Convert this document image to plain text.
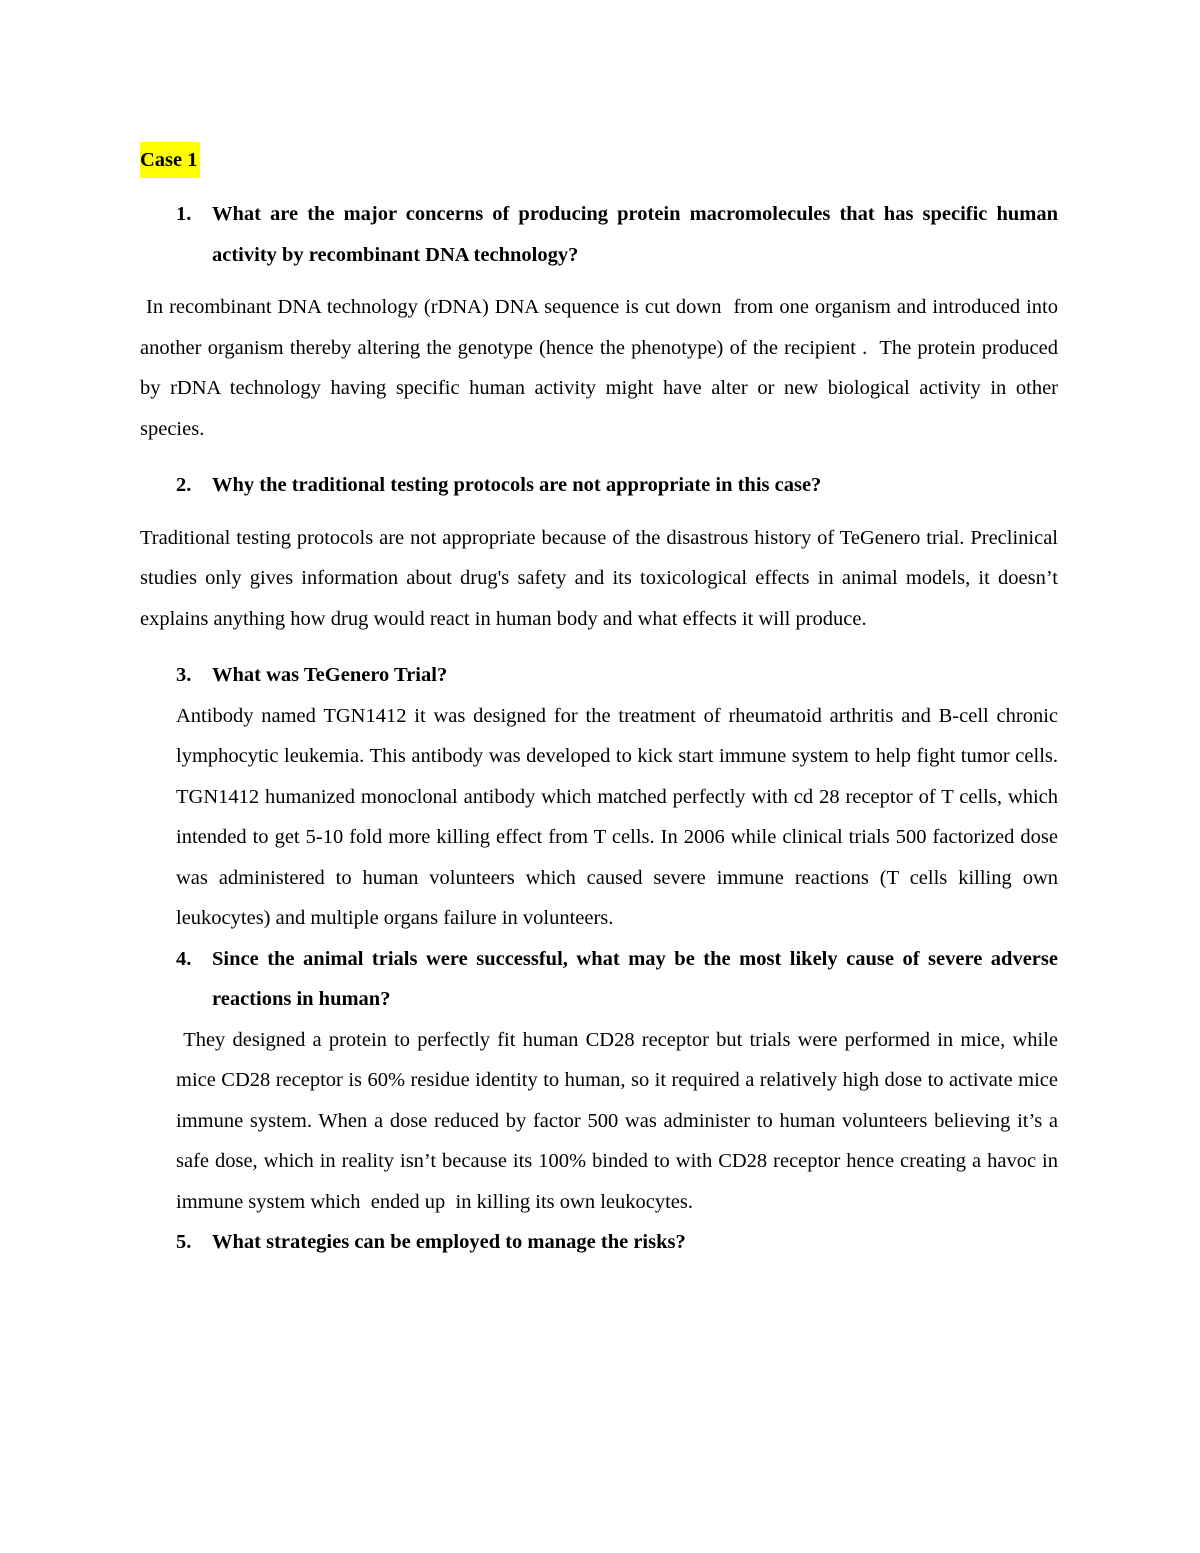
Case 1
1. What are the major concerns of producing protein macromolecules that has specific human activity by recombinant DNA technology?

In recombinant DNA technology (rDNA) DNA sequence is cut down  from one organism and introduced into another organism thereby altering the genotype (hence the phenotype) of the recipient .  The protein produced by rDNA technology having specific human activity might have alter or new biological activity in other species.

2. Why the traditional testing protocols are not appropriate in this case?

Traditional testing protocols are not appropriate because of the disastrous history of TeGenero trial. Preclinical studies only gives information about drug's safety and its toxicological effects in animal models, it doesn’t explains anything how drug would react in human body and what effects it will produce.

3. What was TeGenero Trial?

Antibody named TGN1412 it was designed for the treatment of rheumatoid arthritis and B-cell chronic lymphocytic leukemia. This antibody was developed to kick start immune system to help fight tumor cells. TGN1412 humanized monoclonal antibody which matched perfectly with cd 28 receptor of T cells, which intended to get 5-10 fold more killing effect from T cells. In 2006 while clinical trials 500 factorized dose was administered to human volunteers which caused severe immune reactions (T cells killing own leukocytes) and multiple organs failure in volunteers.

4. Since the animal trials were successful, what may be the most likely cause of severe adverse reactions in human?

They designed a protein to perfectly fit human CD28 receptor but trials were performed in mice, while mice CD28 receptor is 60% residue identity to human, so it required a relatively high dose to activate mice immune system. When a dose reduced by factor 500 was administer to human volunteers believing it’s a safe dose, which in reality isn’t because its 100% binded to with CD28 receptor hence creating a havoc in immune system which  ended up  in killing its own leukocytes.

5. What strategies can be employed to manage the risks?
